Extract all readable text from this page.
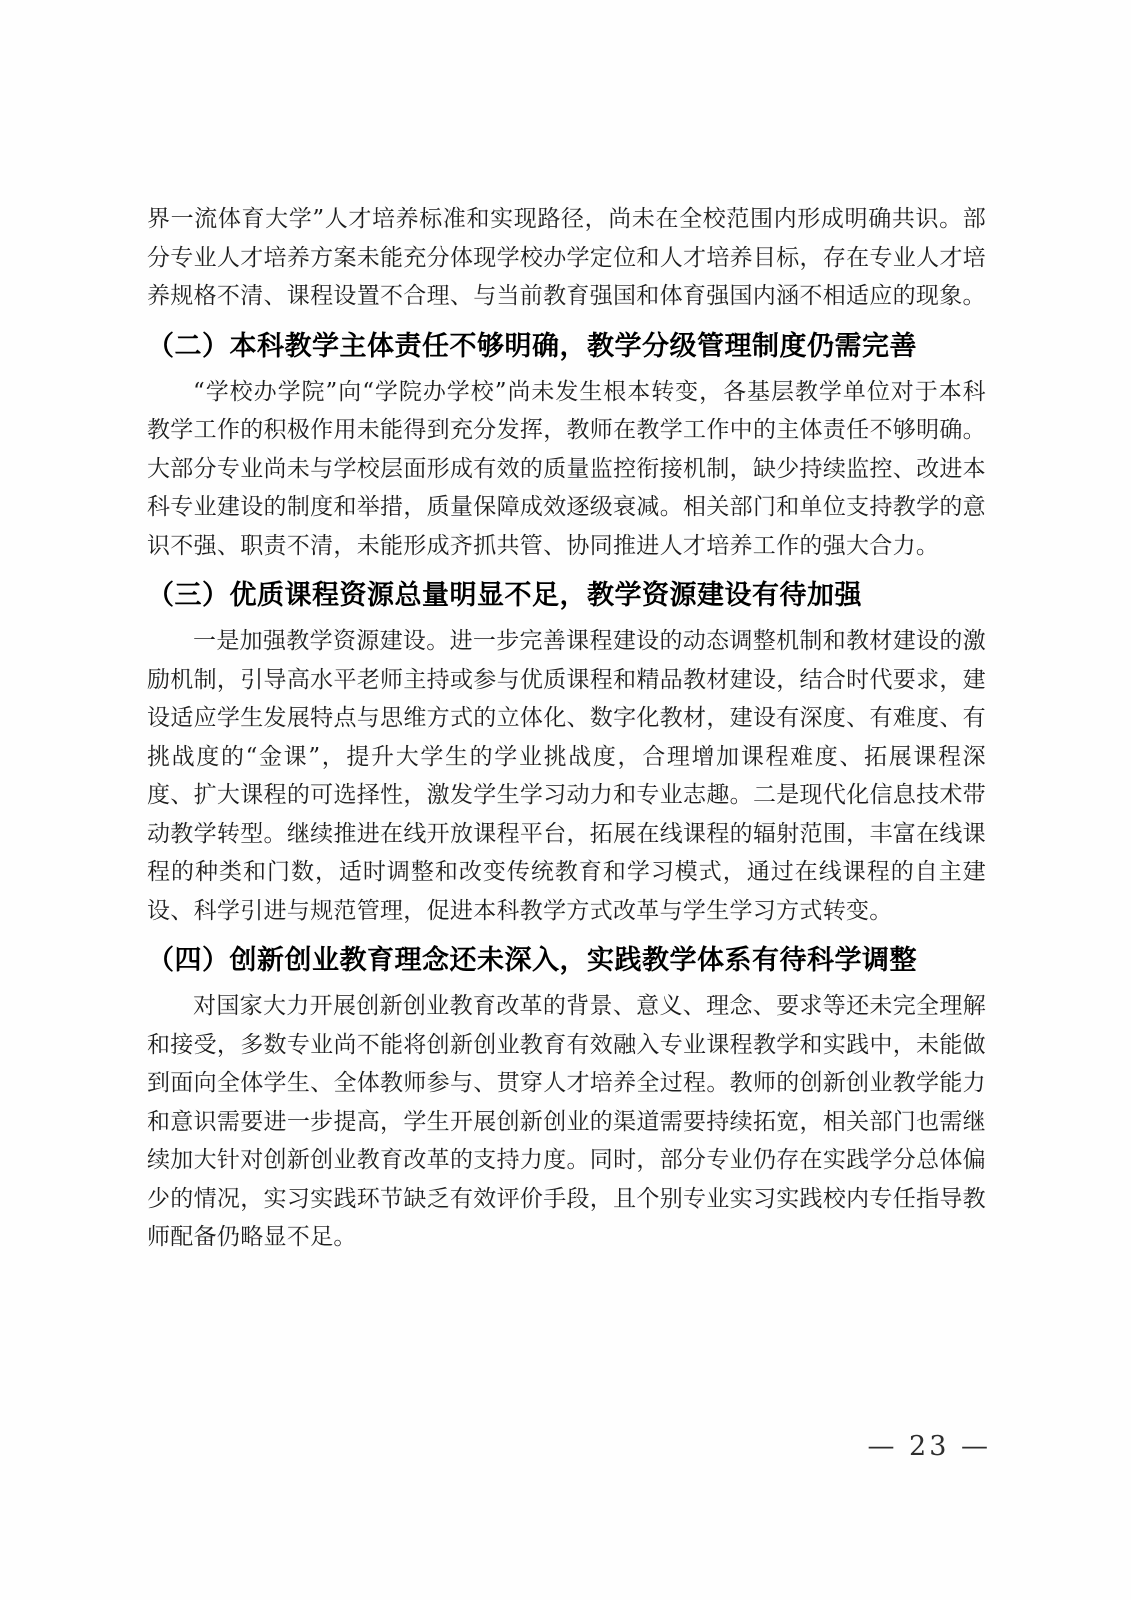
界一流体育大学”人才培养标准和实现路径，尚未在全校范围内形成明确共识。部分专业人才培养方案未能充分体现学校办学定位和人才培养目标，存在专业人才培养规格不清、课程设置不合理、与当前教育强国和体育强国内涵不相适应的现象。

（二）本科教学主体责任不够明确，教学分级管理制度仍需完善

“学校办学院”向“学院办学校”尚未发生根本转变，各基层教学单位对于本科教学工作的积极作用未能得到充分发挥，教师在教学工作中的主体责任不够明确。大部分专业尚未与学校层面形成有效的质量监控衔接机制，缺少持续监控、改进本科专业建设的制度和举措，质量保障成效逐级衰减。相关部门和单位支持教学的意识不强、职责不清，未能形成齐抓共管、协同推进人才培养工作的强大合力。

（三）优质课程资源总量明显不足，教学资源建设有待加强

一是加强教学资源建设。进一步完善课程建设的动态调整机制和教材建设的激励机制，引导高水平老师主持或参与优质课程和精品教材建设，结合时代要求，建设适应学生发展特点与思维方式的立体化、数字化教材，建设有深度、有难度、有挑战度的“金课”，提升大学生的学业挑战度，合理增加课程难度、拓展课程深度、扩大课程的可选择性，激发学生学习动力和专业志趣。二是现代化信息技术带动教学转型。继续推进在线开放课程平台，拓展在线课程的辐射范围，丰富在线课程的种类和门数，适时调整和改变传统教育和学习模式，通过在线课程的自主建设、科学引进与规范管理，促进本科教学方式改革与学生学习方式转变。

（四）创新创业教育理念还未深入，实践教学体系有待科学调整

对国家大力开展创新创业教育改革的背景、意义、理念、要求等还未完全理解和接受，多数专业尚不能将创新创业教育有效融入专业课程教学和实践中，未能做到面向全体学生、全体教师参与、贯穿人才培养全过程。教师的创新创业教学能力和意识需要进一步提高，学生开展创新创业的渠道需要持续拓宽，相关部门也需继续加大针对创新创业教育改革的支持力度。同时，部分专业仍存在实践学分总体偏少的情况，实习实践环节缺乏有效评价手段，且个别专业实习实践校内专任指导教师配备仍略显不足。

— 23 —
